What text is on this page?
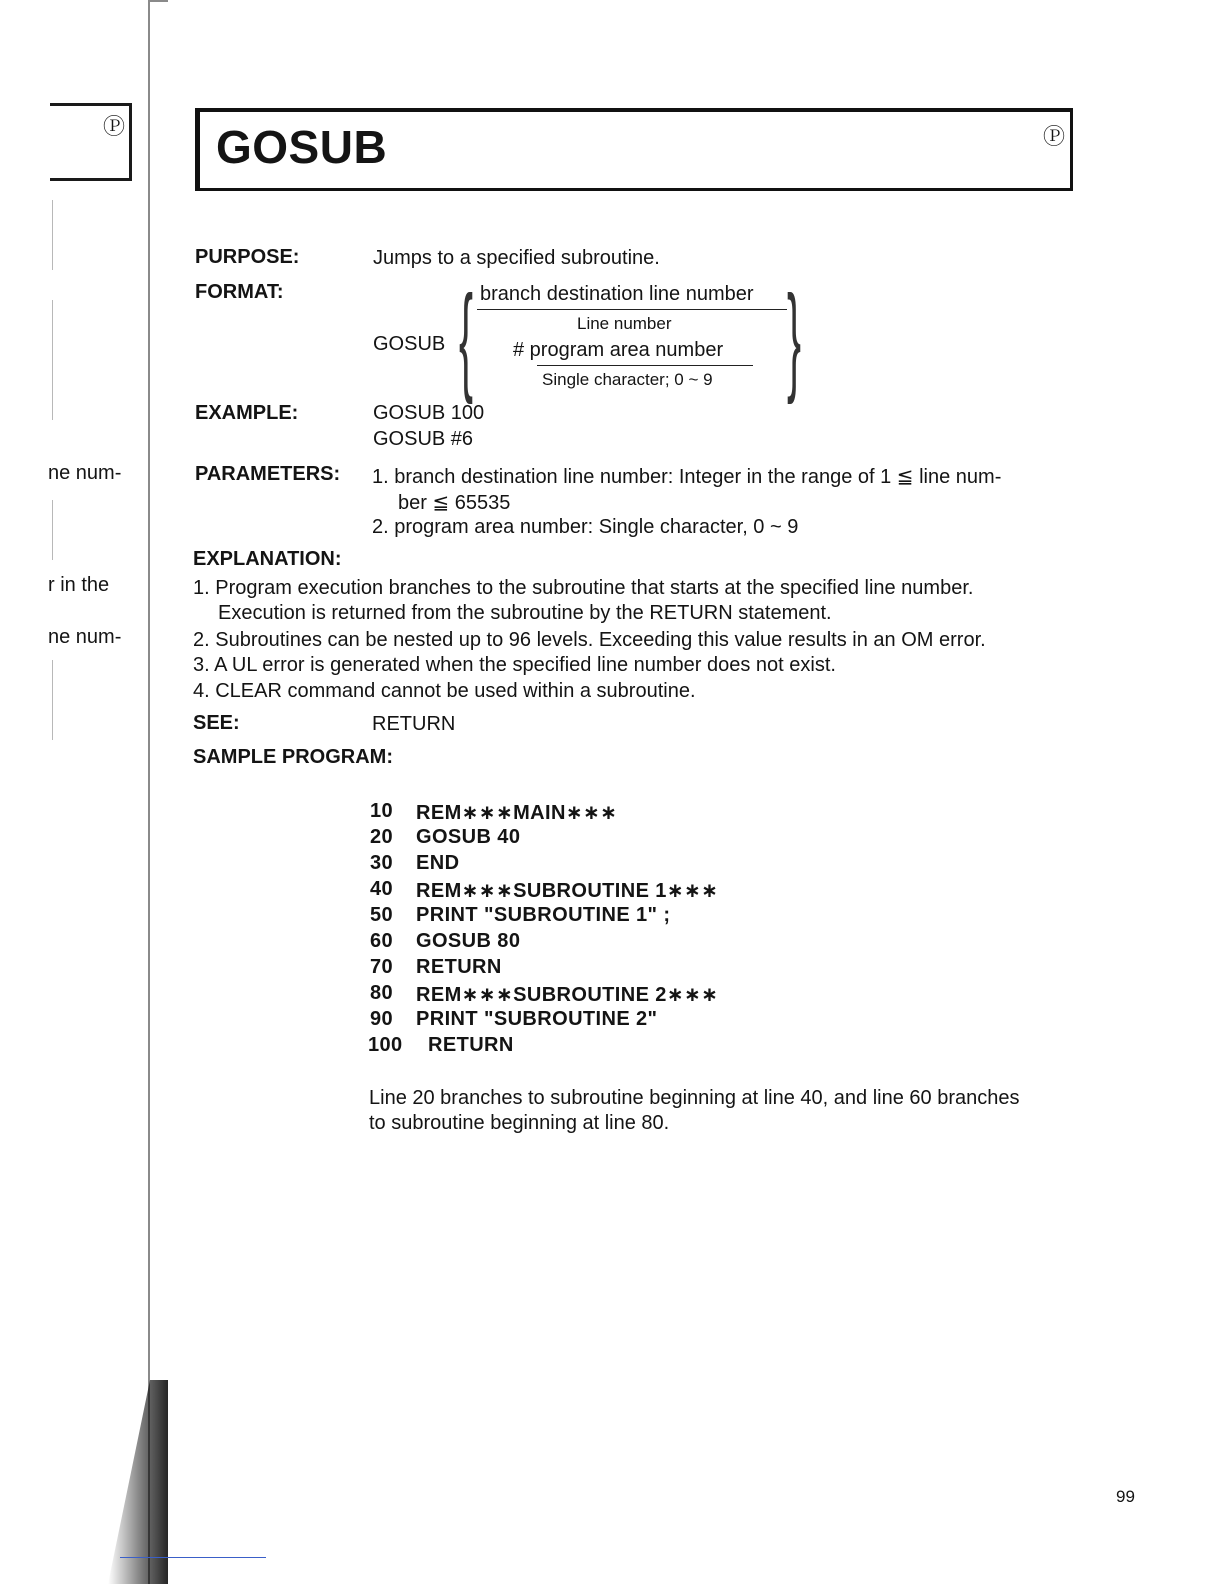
Ⓟ
ne num-
r in the
ne num-
GOSUB	Ⓟ
PURPOSE:	Jumps to a specified subroutine.
FORMAT:
GOSUB {	}
branch destination line number
Line number
# program area number
Single character; 0 ~ 9
EXAMPLE:	GOSUB 100
GOSUB #6
PARAMETERS: 1. branch destination line number: Integer in the range of 1 ≦ line num-
ber ≦ 65535
2. program area number: Single character, 0 ~ 9
EXPLANATION:
1. Program execution branches to the subroutine that starts at the specified line number.
Execution is returned from the subroutine by the RETURN statement.
2. Subroutines can be nested up to 96 levels. Exceeding this value results in an OM error.
3. A UL error is generated when the specified line number does not exist.
4. CLEAR command cannot be used within a subroutine.
SEE:	RETURN
SAMPLE PROGRAM:
10 REM∗∗∗MAIN∗∗∗
20 GOSUB 40
30 END
40 REM∗∗∗SUBROUTINE 1∗∗∗
50 PRINT "SUBROUTINE 1" ;
60 GOSUB 80
70 RETURN
80 REM∗∗∗SUBROUTINE 2∗∗∗
90 PRINT "SUBROUTINE 2"
100 RETURN
Line 20 branches to subroutine beginning at line 40, and line 60 branches
to subroutine beginning at line 80.
99
